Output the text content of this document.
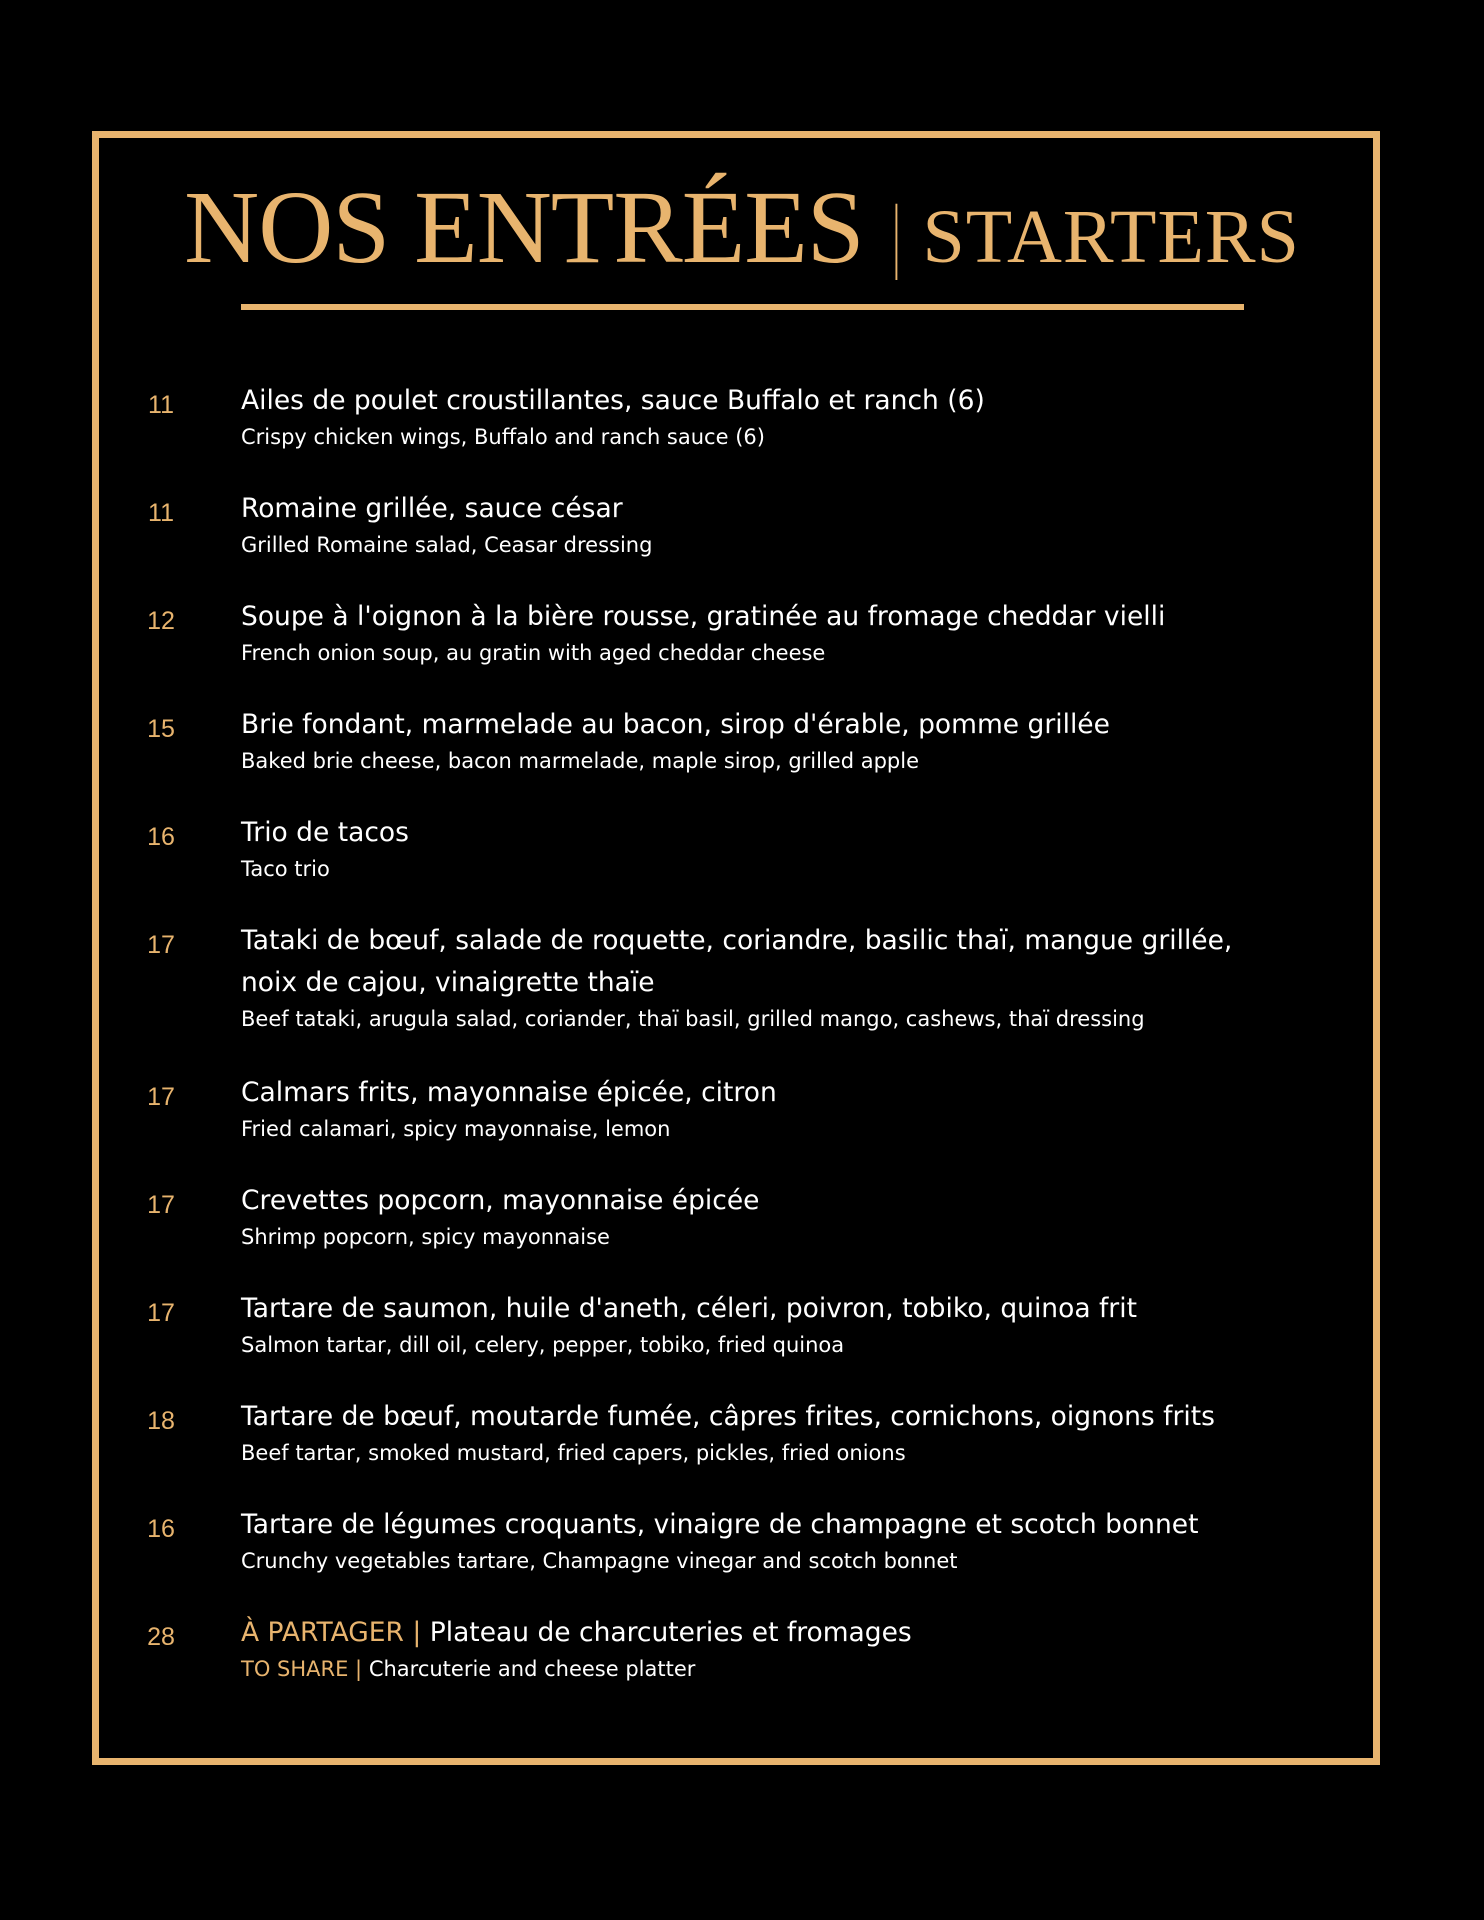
NOS ENTRÉES | STARTERS
11	Ailes de poulet croustillantes, sauce Buffalo et ranch (6)
Crispy chicken wings, Buffalo and ranch sauce (6)
11	Romaine grillée, sauce césar
Grilled Romaine salad, Ceasar dressing
12	Soupe à l'oignon à la bière rousse, gratinée au fromage cheddar vielli
French onion soup, au gratin with aged cheddar cheese
15	Brie fondant, marmelade au bacon, sirop d'érable, pomme grillée
Baked brie cheese, bacon marmelade, maple sirop, grilled apple
16	Trio de tacos
Taco trio
17	Tataki de bœuf, salade de roquette, coriandre, basilic thaï, mangue grillée,
noix de cajou, vinaigrette thaïe
Beef tataki, arugula salad, coriander, thaï basil, grilled mango, cashews, thaï dressing
17	Calmars frits, mayonnaise épicée, citron
Fried calamari, spicy mayonnaise, lemon
17	Crevettes popcorn, mayonnaise épicée
Shrimp popcorn, spicy mayonnaise
17	Tartare de saumon, huile d'aneth, céleri, poivron, tobiko, quinoa frit
Salmon tartar, dill oil, celery, pepper, tobiko, fried quinoa
18	Tartare de bœuf, moutarde fumée, câpres frites, cornichons, oignons frits
Beef tartar, smoked mustard, fried capers, pickles, fried onions
16	Tartare de légumes croquants, vinaigre de champagne et scotch bonnet
Crunchy vegetables tartare, Champagne vinegar and scotch bonnet
28	À PARTAGER | Plateau de charcuteries et fromages
TO SHARE | Charcuterie and cheese platter
